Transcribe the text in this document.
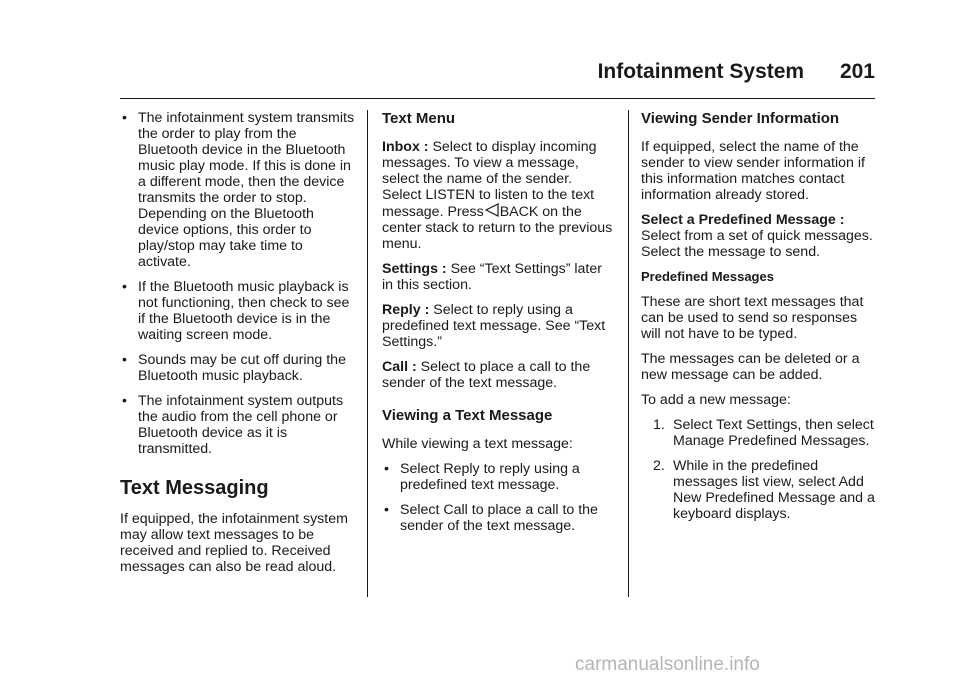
Infotainment System 201
• The infotainment system transmits the order to play from the Bluetooth device in the Bluetooth music play mode. If this is done in a different mode, then the device transmits the order to stop. Depending on the Bluetooth device options, this order to play/stop may take time to activate.
• If the Bluetooth music playback is not functioning, then check to see if the Bluetooth device is in the waiting screen mode.
• Sounds may be cut off during the Bluetooth music playback.
• The infotainment system outputs the audio from the cell phone or Bluetooth device as it is transmitted.
Text Messaging

If equipped, the infotainment system may allow text messages to be received and replied to. Received messages can also be read aloud.

Text Menu

Inbox : Select to display incoming messages. To view a message, select the name of the sender. Select LISTEN to listen to the text message. Press BACK on the center stack to return to the previous menu.

Settings : See “Text Settings” later in this section.

Reply : Select to reply using a predefined text message. See “Text Settings.”

Call : Select to place a call to the sender of the text message.

Viewing a Text Message

While viewing a text message:

• Select Reply to reply using a predefined text message.
• Select Call to place a call to the sender of the text message.
Viewing Sender Information

If equipped, select the name of the sender to view sender information if this information matches contact information already stored.

Select a Predefined Message :
Select from a set of quick messages. Select the message to send.

Predefined Messages

These are short text messages that can be used to send so responses will not have to be typed.

The messages can be deleted or a new message can be added.

To add a new message:

1. Select Text Settings, then select Manage Predefined Messages.
2. While in the predefined messages list view, select Add New Predefined Message and a keyboard displays.
carmanualsonline.info
